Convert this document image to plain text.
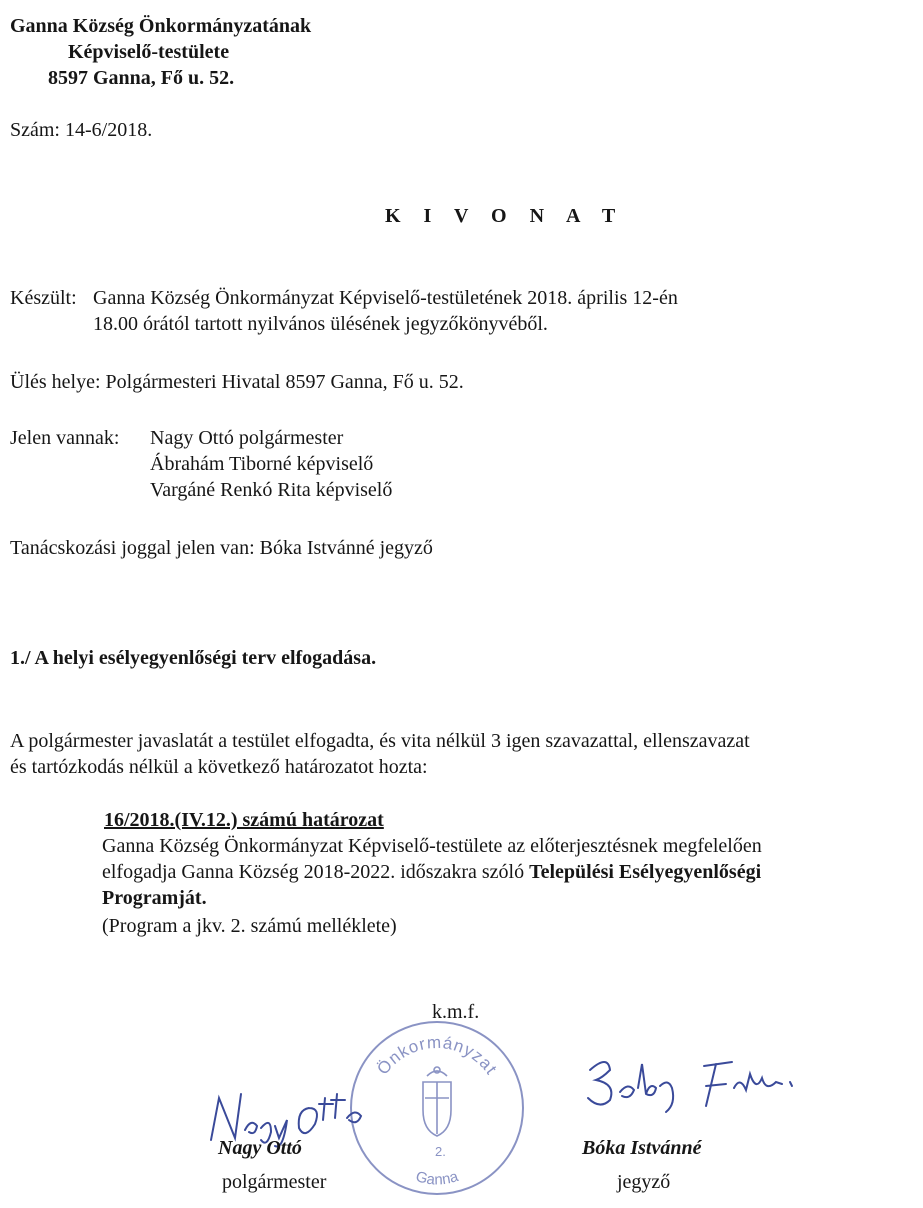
Ganna Község Önkormányzatának
Képviselő-testülete
8597 Ganna, Fő u. 52.
Szám: 14-6/2018.
K I V O N A T
Készült: Ganna Község Önkormányzat Képviselő-testületének 2018. április 12-én
18.00 órától tartott nyilvános ülésének jegyzőkönyvéből.
Ülés helye: Polgármesteri Hivatal 8597 Ganna, Fő u. 52.
Jelen vannak: Nagy Ottó polgármester
Ábrahám Tiborné képviselő
Vargáné Renkó Rita képviselő
Tanácskozási joggal jelen van: Bóka Istvánné jegyző
1./ A helyi esélyegyenlőségi terv elfogadása.
A polgármester javaslatát a testület elfogadta, és vita nélkül 3 igen szavazattal, ellenszavazat
és tartózkodás nélkül a következő határozatot hozta:
16/2018.(IV.12.) számú határozat
Ganna Község Önkormányzat Képviselő-testülete az előterjesztésnek megfelelően
elfogadja Ganna Község 2018-2022. időszakra szóló Települési Esélyegyenlőségi
Programját.
(Program a jkv. 2. számú melléklete)
k.m.f.
Önkormányzat
Ganna
2.
Nagy Ottó
polgármester
Bóka Istvánné
jegyző
